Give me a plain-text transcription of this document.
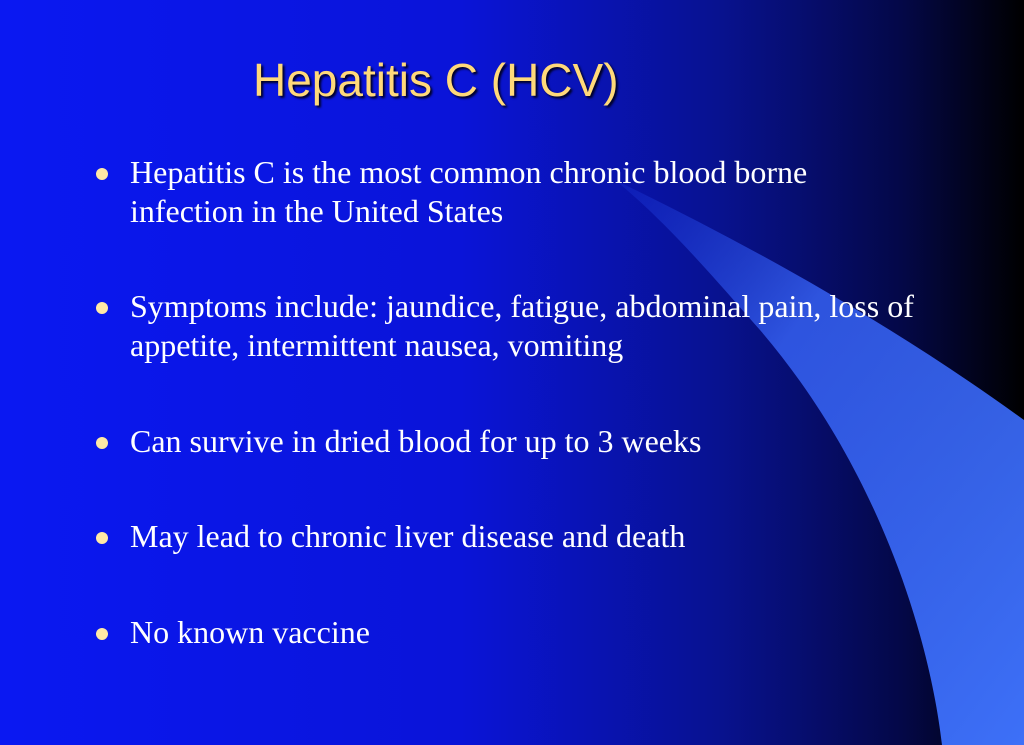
Hepatitis C (HCV)
Hepatitis C is the most common chronic blood borne infection in the United States
Symptoms include: jaundice, fatigue, abdominal pain, loss of appetite, intermittent nausea, vomiting
Can survive in dried blood for up to 3 weeks
May lead to chronic liver disease and death
No known vaccine
